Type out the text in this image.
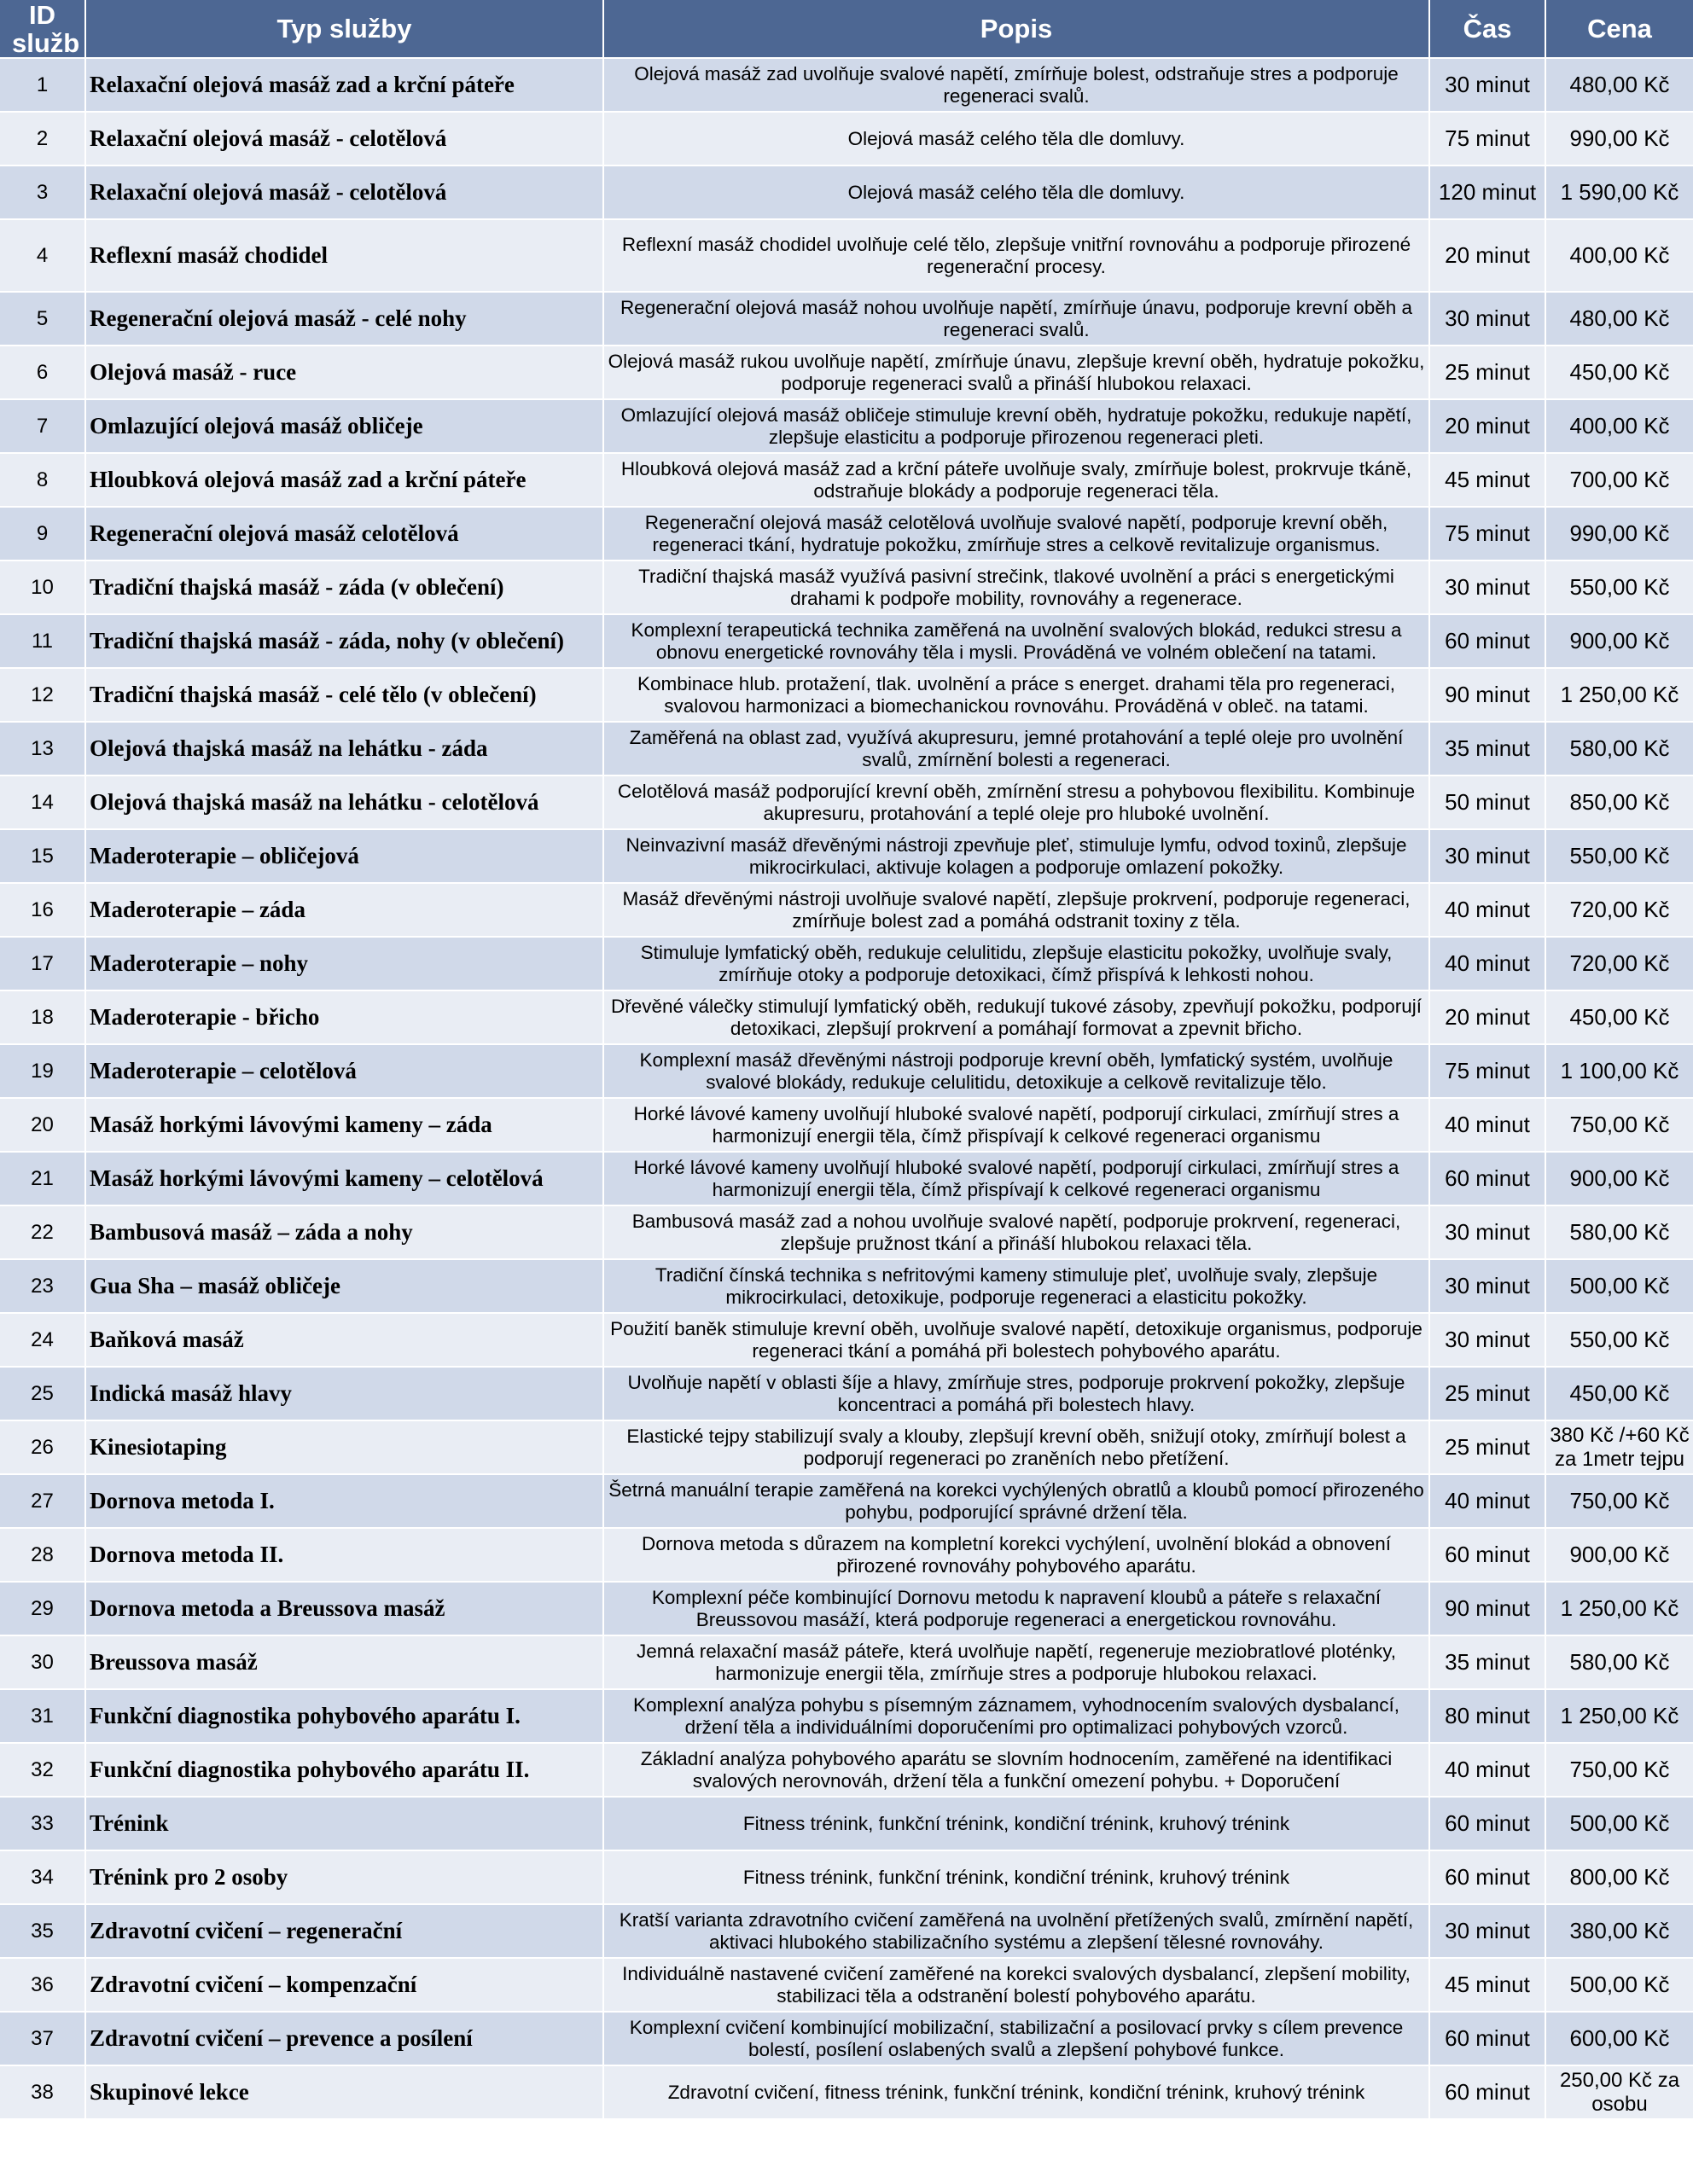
ID služb	Typ služby	Popis	Čas	Cena
1	Relaxační olejová masáž zad a krční páteře	Olejová masáž zad uvolňuje svalové napětí, zmírňuje bolest, odstraňuje stres a podporuje regeneraci svalů.	30 minut	480,00 Kč
2	Relaxační olejová masáž - celotělová	Olejová masáž celého těla dle domluvy.	75 minut	990,00 Kč
3	Relaxační olejová masáž - celotělová	Olejová masáž celého těla dle domluvy.	120 minut	1 590,00 Kč
4	Reflexní masáž chodidel	Reflexní masáž chodidel uvolňuje celé tělo, zlepšuje vnitřní rovnováhu a podporuje přirozené regenerační procesy.	20 minut	400,00 Kč
5	Regenerační olejová masáž - celé nohy	Regenerační olejová masáž nohou uvolňuje napětí, zmírňuje únavu, podporuje krevní oběh a regeneraci svalů.	30 minut	480,00 Kč
6	Olejová masáž - ruce	Olejová masáž rukou uvolňuje napětí, zmírňuje únavu, zlepšuje krevní oběh, hydratuje pokožku, podporuje regeneraci svalů a přináší hlubokou relaxaci.	25 minut	450,00 Kč
7	Omlazující olejová masáž obličeje	Omlazující olejová masáž obličeje stimuluje krevní oběh, hydratuje pokožku, redukuje napětí, zlepšuje elasticitu a podporuje přirozenou regeneraci pleti.	20 minut	400,00 Kč
8	Hloubková olejová masáž zad a krční páteře	Hloubková olejová masáž zad a krční páteře uvolňuje svaly, zmírňuje bolest, prokrvuje tkáně, odstraňuje blokády a podporuje regeneraci těla.	45 minut	700,00 Kč
9	Regenerační olejová masáž celotělová	Regenerační olejová masáž celotělová uvolňuje svalové napětí, podporuje krevní oběh, regeneraci tkání, hydratuje pokožku, zmírňuje stres a celkově revitalizuje organismus.	75 minut	990,00 Kč
10	Tradiční thajská masáž - záda (v oblečení)	Tradiční thajská masáž využívá pasivní strečink, tlakové uvolnění a práci s energetickými drahami k podpoře mobility, rovnováhy a regenerace.	30 minut	550,00 Kč
11	Tradiční thajská masáž - záda, nohy (v oblečení)	Komplexní terapeutická technika zaměřená na uvolnění svalových blokád, redukci stresu a obnovu energetické rovnováhy těla i mysli. Prováděná ve volném oblečení na tatami.	60 minut	900,00 Kč
12	Tradiční thajská masáž - celé tělo (v oblečení)	Kombinace hlub. protažení, tlak. uvolnění a práce s energet. drahami těla pro regeneraci, svalovou harmonizaci a biomechanickou rovnováhu. Prováděná v obleč. na tatami.	90 minut	1 250,00 Kč
13	Olejová thajská masáž na lehátku - záda	Zaměřená na oblast zad, využívá akupresuru, jemné protahování a teplé oleje pro uvolnění svalů, zmírnění bolesti a regeneraci.	35 minut	580,00 Kč
14	Olejová thajská masáž na lehátku - celotělová	Celotělová masáž podporující krevní oběh, zmírnění stresu a pohybovou flexibilitu. Kombinuje akupresuru, protahování a teplé oleje pro hluboké uvolnění.	50 minut	850,00 Kč
15	Maderoterapie – obličejová	Neinvazivní masáž dřevěnými nástroji zpevňuje pleť, stimuluje lymfu, odvod toxinů, zlepšuje mikrocirkulaci, aktivuje kolagen a podporuje omlazení pokožky.	30 minut	550,00 Kč
16	Maderoterapie – záda	Masáž dřevěnými nástroji uvolňuje svalové napětí, zlepšuje prokrvení, podporuje regeneraci, zmírňuje bolest zad a pomáhá odstranit toxiny z těla.	40 minut	720,00 Kč
17	Maderoterapie – nohy	Stimuluje lymfatický oběh, redukuje celulitidu, zlepšuje elasticitu pokožky, uvolňuje svaly, zmírňuje otoky a podporuje detoxikaci, čímž přispívá k lehkosti nohou.	40 minut	720,00 Kč
18	Maderoterapie - břicho	Dřevěné válečky stimulují lymfatický oběh, redukují tukové zásoby, zpevňují pokožku, podporují detoxikaci, zlepšují prokrvení a pomáhají formovat a zpevnit břicho.	20 minut	450,00 Kč
19	Maderoterapie – celotělová	Komplexní masáž dřevěnými nástroji podporuje krevní oběh, lymfatický systém, uvolňuje svalové blokády, redukuje celulitidu, detoxikuje a celkově revitalizuje tělo.	75 minut	1 100,00 Kč
20	Masáž horkými lávovými kameny – záda	Horké lávové kameny uvolňují hluboké svalové napětí, podporují cirkulaci, zmírňují stres a harmonizují energii těla, čímž přispívají k celkové regeneraci organismu	40 minut	750,00 Kč
21	Masáž horkými lávovými kameny – celotělová	Horké lávové kameny uvolňují hluboké svalové napětí, podporují cirkulaci, zmírňují stres a harmonizují energii těla, čímž přispívají k celkové regeneraci organismu	60 minut	900,00 Kč
22	Bambusová masáž – záda a nohy	Bambusová masáž zad a nohou uvolňuje svalové napětí, podporuje prokrvení, regeneraci, zlepšuje pružnost tkání a přináší hlubokou relaxaci těla.	30 minut	580,00 Kč
23	Gua Sha – masáž obličeje	Tradiční čínská technika s nefritovými kameny stimuluje pleť, uvolňuje svaly, zlepšuje mikrocirkulaci, detoxikuje, podporuje regeneraci a elasticitu pokožky.	30 minut	500,00 Kč
24	Baňková masáž	Použití baněk stimuluje krevní oběh, uvolňuje svalové napětí, detoxikuje organismus, podporuje regeneraci tkání a pomáhá při bolestech pohybového aparátu.	30 minut	550,00 Kč
25	Indická masáž hlavy	Uvolňuje napětí v oblasti šíje a hlavy, zmírňuje stres, podporuje prokrvení pokožky, zlepšuje koncentraci a pomáhá při bolestech hlavy.	25 minut	450,00 Kč
26	Kinesiotaping	Elastické tejpy stabilizují svaly a klouby, zlepšují krevní oběh, snižují otoky, zmírňují bolest a podporují regeneraci po zraněních nebo přetížení.	25 minut	380 Kč /+60 Kč za 1metr tejpu
27	Dornova metoda I.	Šetrná manuální terapie zaměřená na korekci vychýlených obratlů a kloubů pomocí přirozeného pohybu, podporující správné držení těla.	40 minut	750,00 Kč
28	Dornova metoda II.	Dornova metoda s důrazem na kompletní korekci vychýlení, uvolnění blokád a obnovení přirozené rovnováhy pohybového aparátu.	60 minut	900,00 Kč
29	Dornova metoda a Breussova masáž	Komplexní péče kombinující Dornovu metodu k napravení kloubů a páteře s relaxační Breussovou masáží, která podporuje regeneraci a energetickou rovnováhu.	90 minut	1 250,00 Kč
30	Breussova masáž	Jemná relaxační masáž páteře, která uvolňuje napětí, regeneruje meziobratlové ploténky, harmonizuje energii těla, zmírňuje stres a podporuje hlubokou relaxaci.	35 minut	580,00 Kč
31	Funkční diagnostika pohybového aparátu I.	Komplexní analýza pohybu s písemným záznamem, vyhodnocením svalových dysbalancí, držení těla a individuálními doporučeními pro optimalizaci pohybových vzorců.	80 minut	1 250,00 Kč
32	Funkční diagnostika pohybového aparátu II.	Základní analýza pohybového aparátu se slovním hodnocením, zaměřené na identifikaci svalových nerovnováh, držení těla a funkční omezení pohybu. + Doporučení	40 minut	750,00 Kč
33	Trénink	Fitness trénink, funkční trénink, kondiční trénink, kruhový trénink	60 minut	500,00 Kč
34	Trénink pro 2 osoby	Fitness trénink, funkční trénink, kondiční trénink, kruhový trénink	60 minut	800,00 Kč
35	Zdravotní cvičení – regenerační	Kratší varianta zdravotního cvičení zaměřená na uvolnění přetížených svalů, zmírnění napětí, aktivaci hlubokého stabilizačního systému a zlepšení tělesné rovnováhy.	30 minut	380,00 Kč
36	Zdravotní cvičení – kompenzační	Individuálně nastavené cvičení zaměřené na korekci svalových dysbalancí, zlepšení mobility, stabilizaci těla a odstranění bolestí pohybového aparátu.	45 minut	500,00 Kč
37	Zdravotní cvičení – prevence a posílení	Komplexní cvičení kombinující mobilizační, stabilizační a posilovací prvky s cílem prevence bolestí, posílení oslabených svalů a zlepšení pohybové funkce.	60 minut	600,00 Kč
38	Skupinové lekce	Zdravotní cvičení, fitness trénink, funkční trénink, kondiční trénink, kruhový trénink	60 minut	250,00 Kč za osobu
